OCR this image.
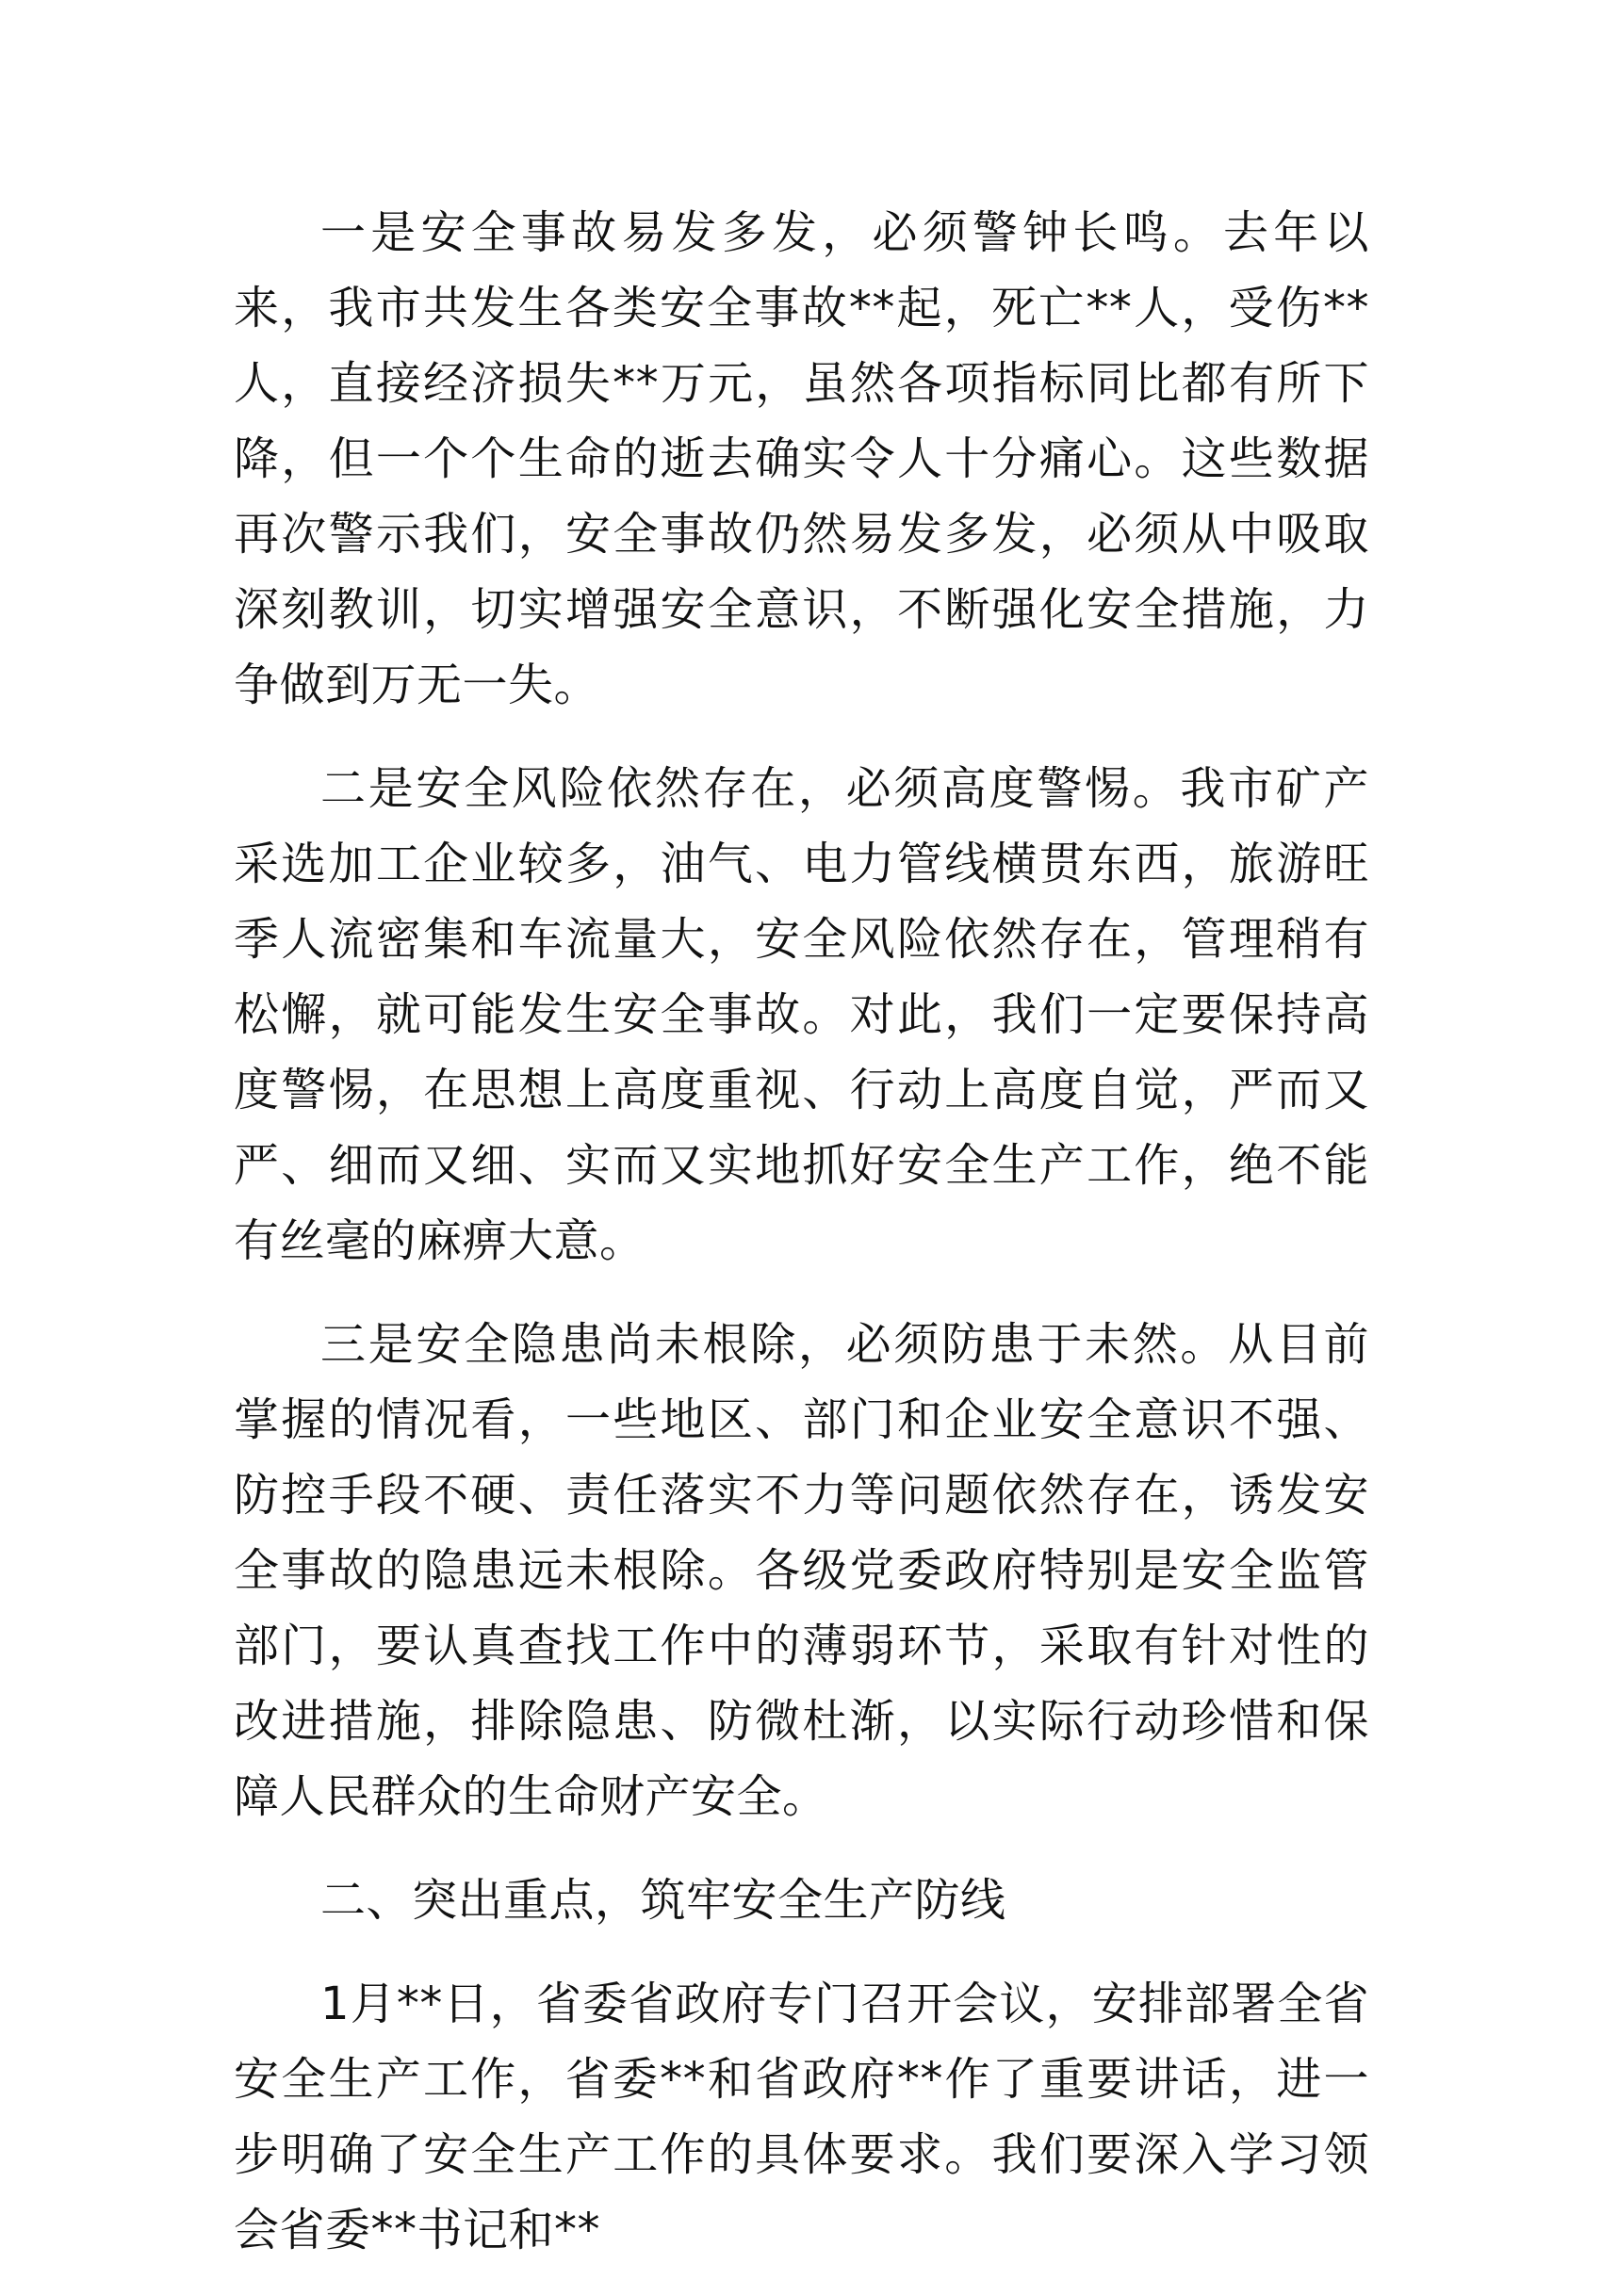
一是安全事故易发多发，必须警钟长鸣。去年以来，我市共发生各类安全事故**起，死亡**人，受伤**人，直接经济损失**万元，虽然各项指标同比都有所下降，但一个个生命的逝去确实令人十分痛心。这些数据再次警示我们，安全事故仍然易发多发，必须从中吸取深刻教训，切实增强安全意识，不断强化安全措施，力争做到万无一失。

二是安全风险依然存在，必须高度警惕。我市矿产采选加工企业较多，油气、电力管线横贯东西，旅游旺季人流密集和车流量大，安全风险依然存在，管理稍有松懈，就可能发生安全事故。对此，我们一定要保持高度警惕，在思想上高度重视、行动上高度自觉，严而又严、细而又细、实而又实地抓好安全生产工作，绝不能有丝毫的麻痹大意。

三是安全隐患尚未根除，必须防患于未然。从目前掌握的情况看，一些地区、部门和企业安全意识不强、防控手段不硬、责任落实不力等问题依然存在，诱发安全事故的隐患远未根除。各级党委政府特别是安全监管部门，要认真查找工作中的薄弱环节，采取有针对性的改进措施，排除隐患、防微杜渐，以实际行动珍惜和保障人民群众的生命财产安全。

二、突出重点，筑牢安全生产防线

1月**日，省委省政府专门召开会议，安排部署全省安全生产工作，省委**和省政府**作了重要讲话，进一步明确了安全生产工作的具体要求。我们要深入学习领会省委**书记和**
